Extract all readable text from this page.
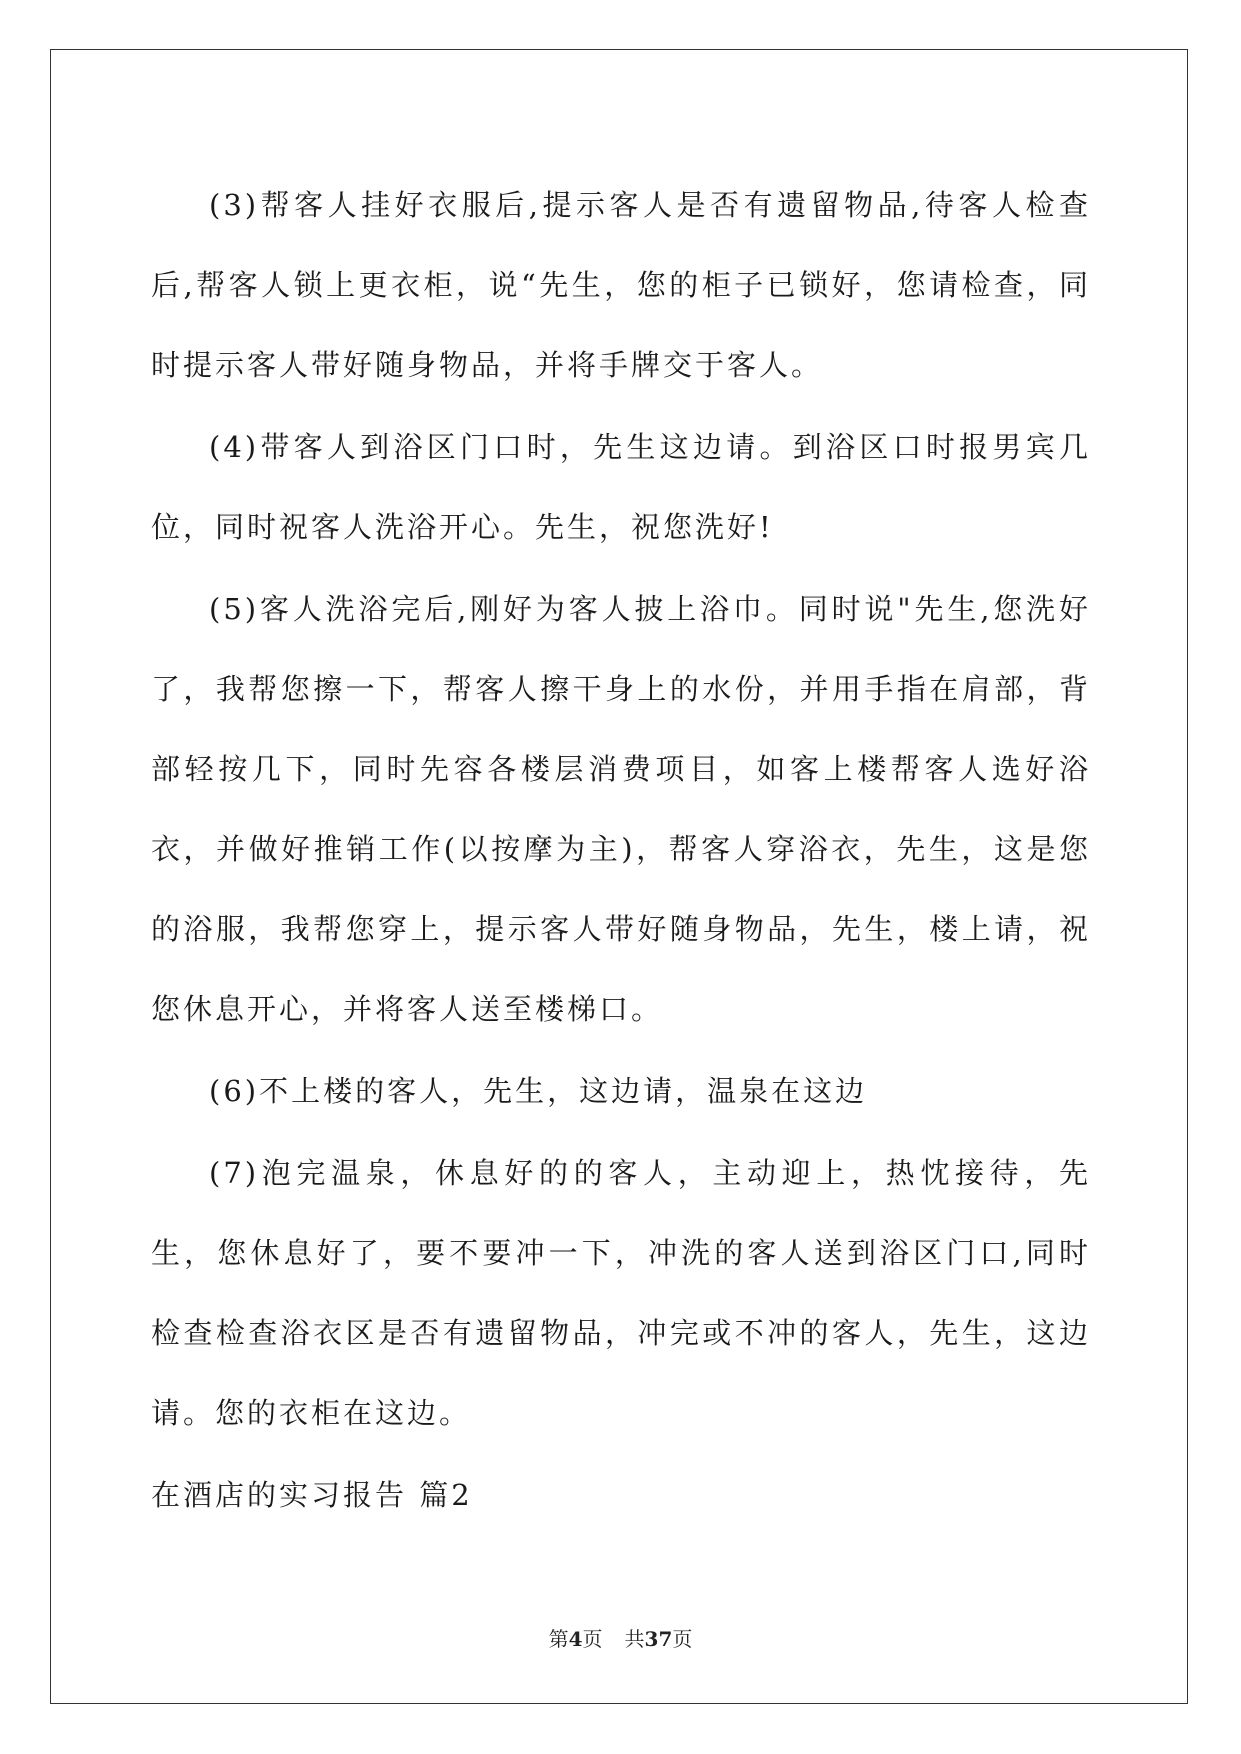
(3)帮客人挂好衣服后,提示客人是否有遗留物品,待客人检查后,帮客人锁上更衣柜，说“先生，您的柜子已锁好，您请检查，同时提示客人带好随身物品，并将手牌交于客人。

(4)带客人到浴区门口时，先生这边请。到浴区口时报男宾几位，同时祝客人洗浴开心。先生，祝您洗好!

(5)客人洗浴完后,刚好为客人披上浴巾。同时说"先生,您洗好了，我帮您擦一下，帮客人擦干身上的水份，并用手指在肩部，背部轻按几下，同时先容各楼层消费项目，如客上楼帮客人选好浴衣，并做好推销工作(以按摩为主)，帮客人穿浴衣，先生，这是您的浴服，我帮您穿上，提示客人带好随身物品，先生，楼上请，祝您休息开心，并将客人送至楼梯口。

(6)不上楼的客人，先生，这边请，温泉在这边

(7)泡完温泉，休息好的的客人，主动迎上，热忱接待，先生，您休息好了，要不要冲一下，冲洗的客人送到浴区门口,同时检查检查浴衣区是否有遗留物品，冲完或不冲的客人，先生，这边请。您的衣柜在这边。

在酒店的实习报告 篇2

第4页 共37页
